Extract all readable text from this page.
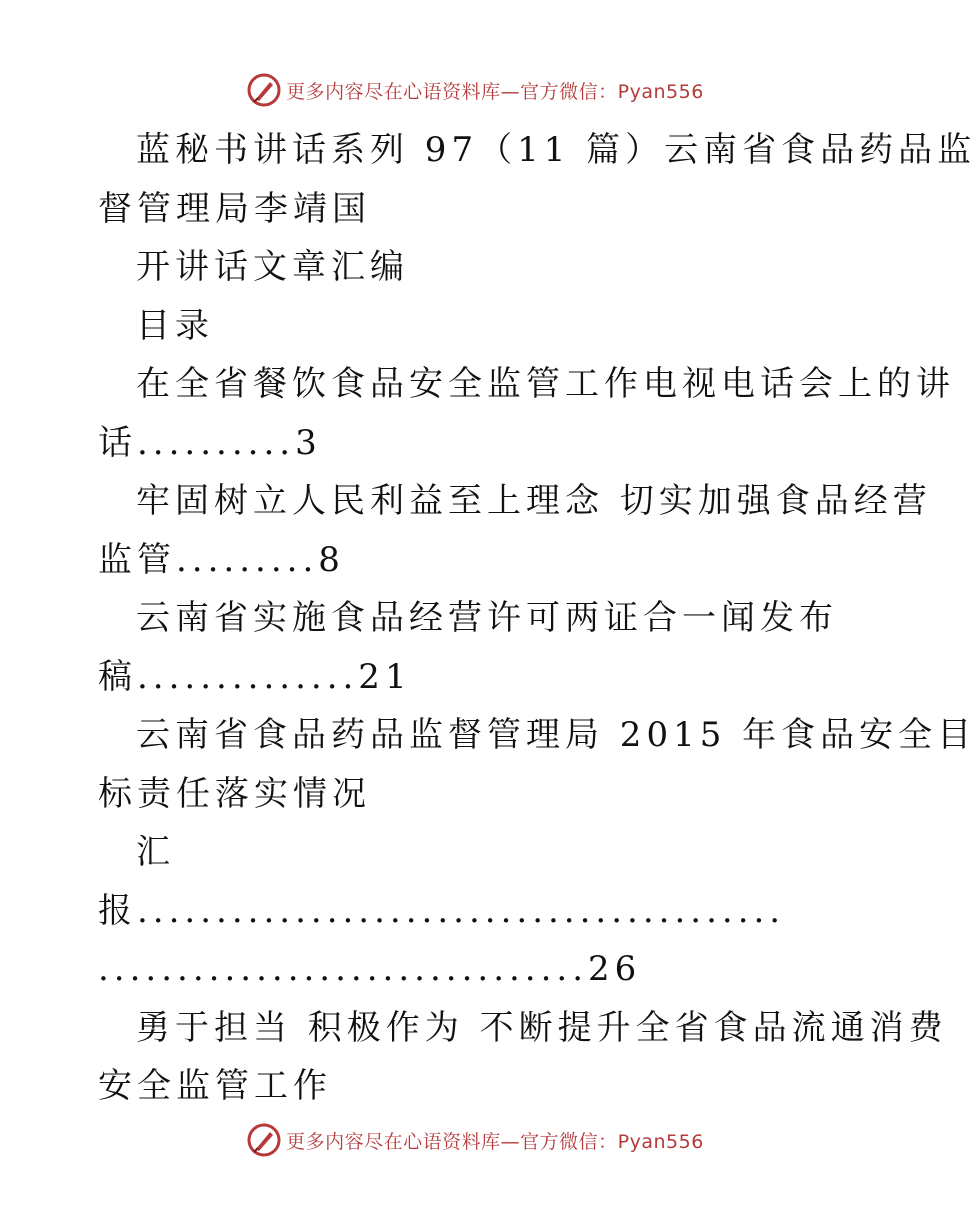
更多内容尽在心语资料库—官方微信：Pyan556
蓝秘书讲话系列 97（11 篇）云南省食品药品监
督管理局李靖国
开讲话文章汇编
目录
在全省餐饮食品安全监管工作电视电话会上的讲
话..........3
牢固树立人民利益至上理念 切实加强食品经营
监管.........8
云南省实施食品经营许可两证合一闻发布
稿..............21
云南省食品药品监督管理局 2015 年食品安全目
标责任落实情况
汇
报.........................................
...............................26
勇于担当 积极作为 不断提升全省食品流通消费
安全监管工作
更多内容尽在心语资料库—官方微信：Pyan556
